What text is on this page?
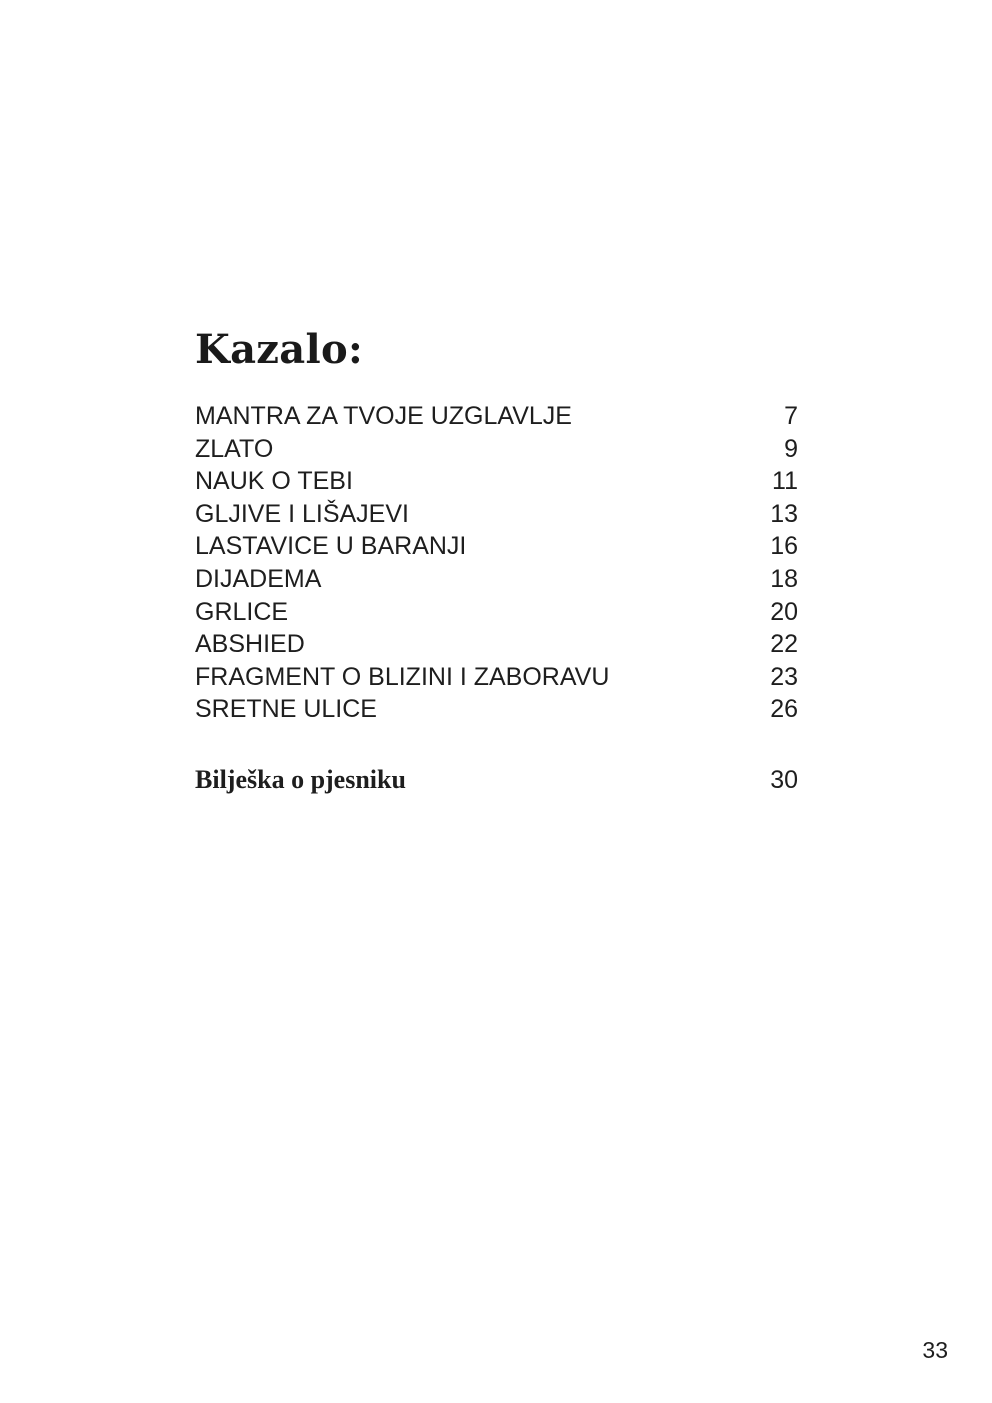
Kazalo:
MANTRA ZA TVOJE UZGLAVLJE	7
ZLATO	9
NAUK O TEBI	11
GLJIVE I LIŠAJEVI	13
LASTAVICE U BARANJI	16
DIJADEMA	18
GRLICE	20
ABSHIED	22
FRAGMENT O BLIZINI I ZABORAVU	23
SRETNE ULICE	26
Bilješka o pjesniku	30
33
